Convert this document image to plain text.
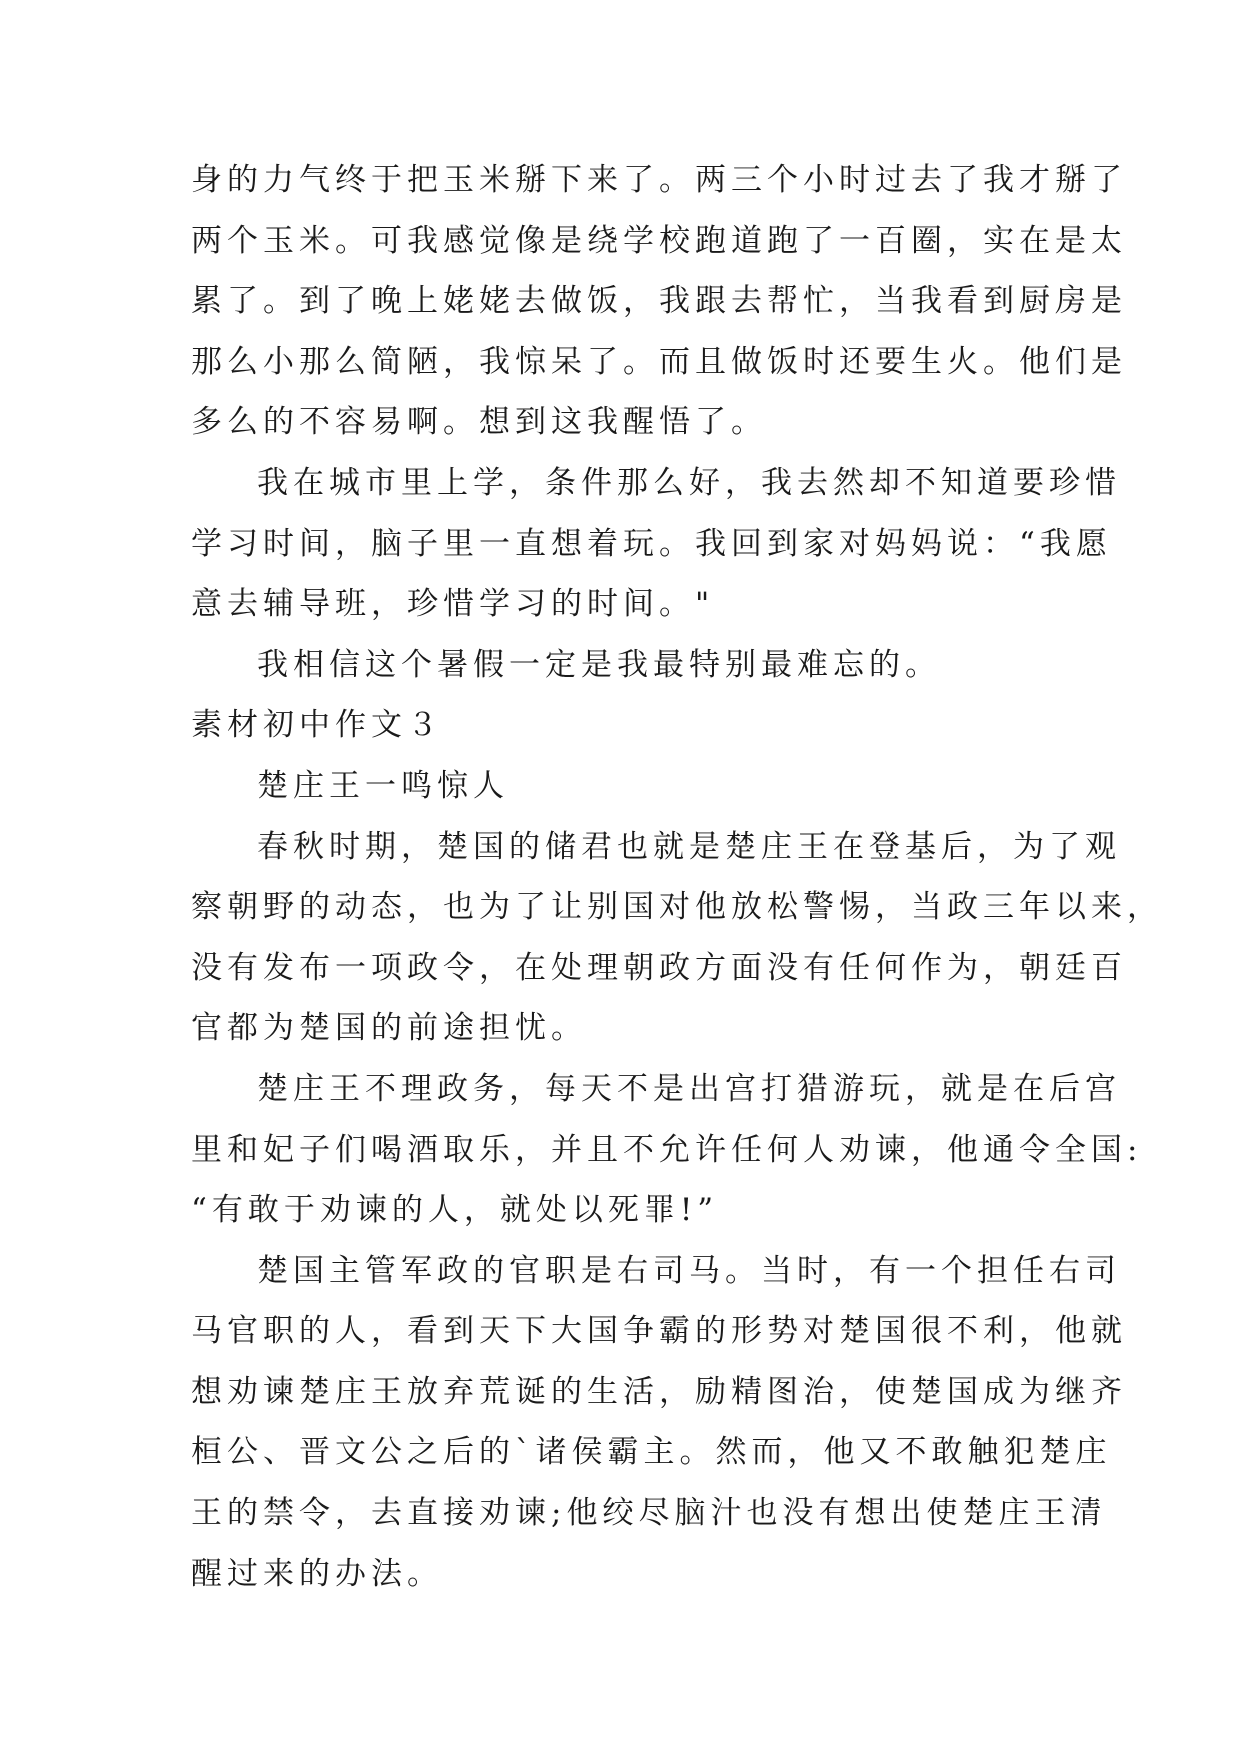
身的力气终于把玉米掰下来了。两三个小时过去了我才掰了
两个玉米。可我感觉像是绕学校跑道跑了一百圈，实在是太
累了。到了晚上姥姥去做饭，我跟去帮忙，当我看到厨房是
那么小那么简陋，我惊呆了。而且做饭时还要生火。他们是
多么的不容易啊。想到这我醒悟了。
我在城市里上学，条件那么好，我去然却不知道要珍惜
学习时间，脑子里一直想着玩。我回到家对妈妈说：“我愿
意去辅导班，珍惜学习的时间。"
我相信这个暑假一定是我最特别最难忘的。
素材初中作文３
楚庄王一鸣惊人
春秋时期，楚国的储君也就是楚庄王在登基后，为了观
察朝野的动态，也为了让别国对他放松警惕，当政三年以来，
没有发布一项政令，在处理朝政方面没有任何作为，朝廷百
官都为楚国的前途担忧。
楚庄王不理政务，每天不是出宫打猎游玩，就是在后宫
里和妃子们喝酒取乐，并且不允许任何人劝谏，他通令全国:
“有敢于劝谏的人，就处以死罪!”
楚国主管军政的官职是右司马。当时，有一个担任右司
马官职的人，看到天下大国争霸的形势对楚国很不利，他就
想劝谏楚庄王放弃荒诞的生活，励精图治，使楚国成为继齐
桓公、晋文公之后的`诸侯霸主。然而，他又不敢触犯楚庄
王的禁令，去直接劝谏;他绞尽脑汁也没有想出使楚庄王清
醒过来的办法。
